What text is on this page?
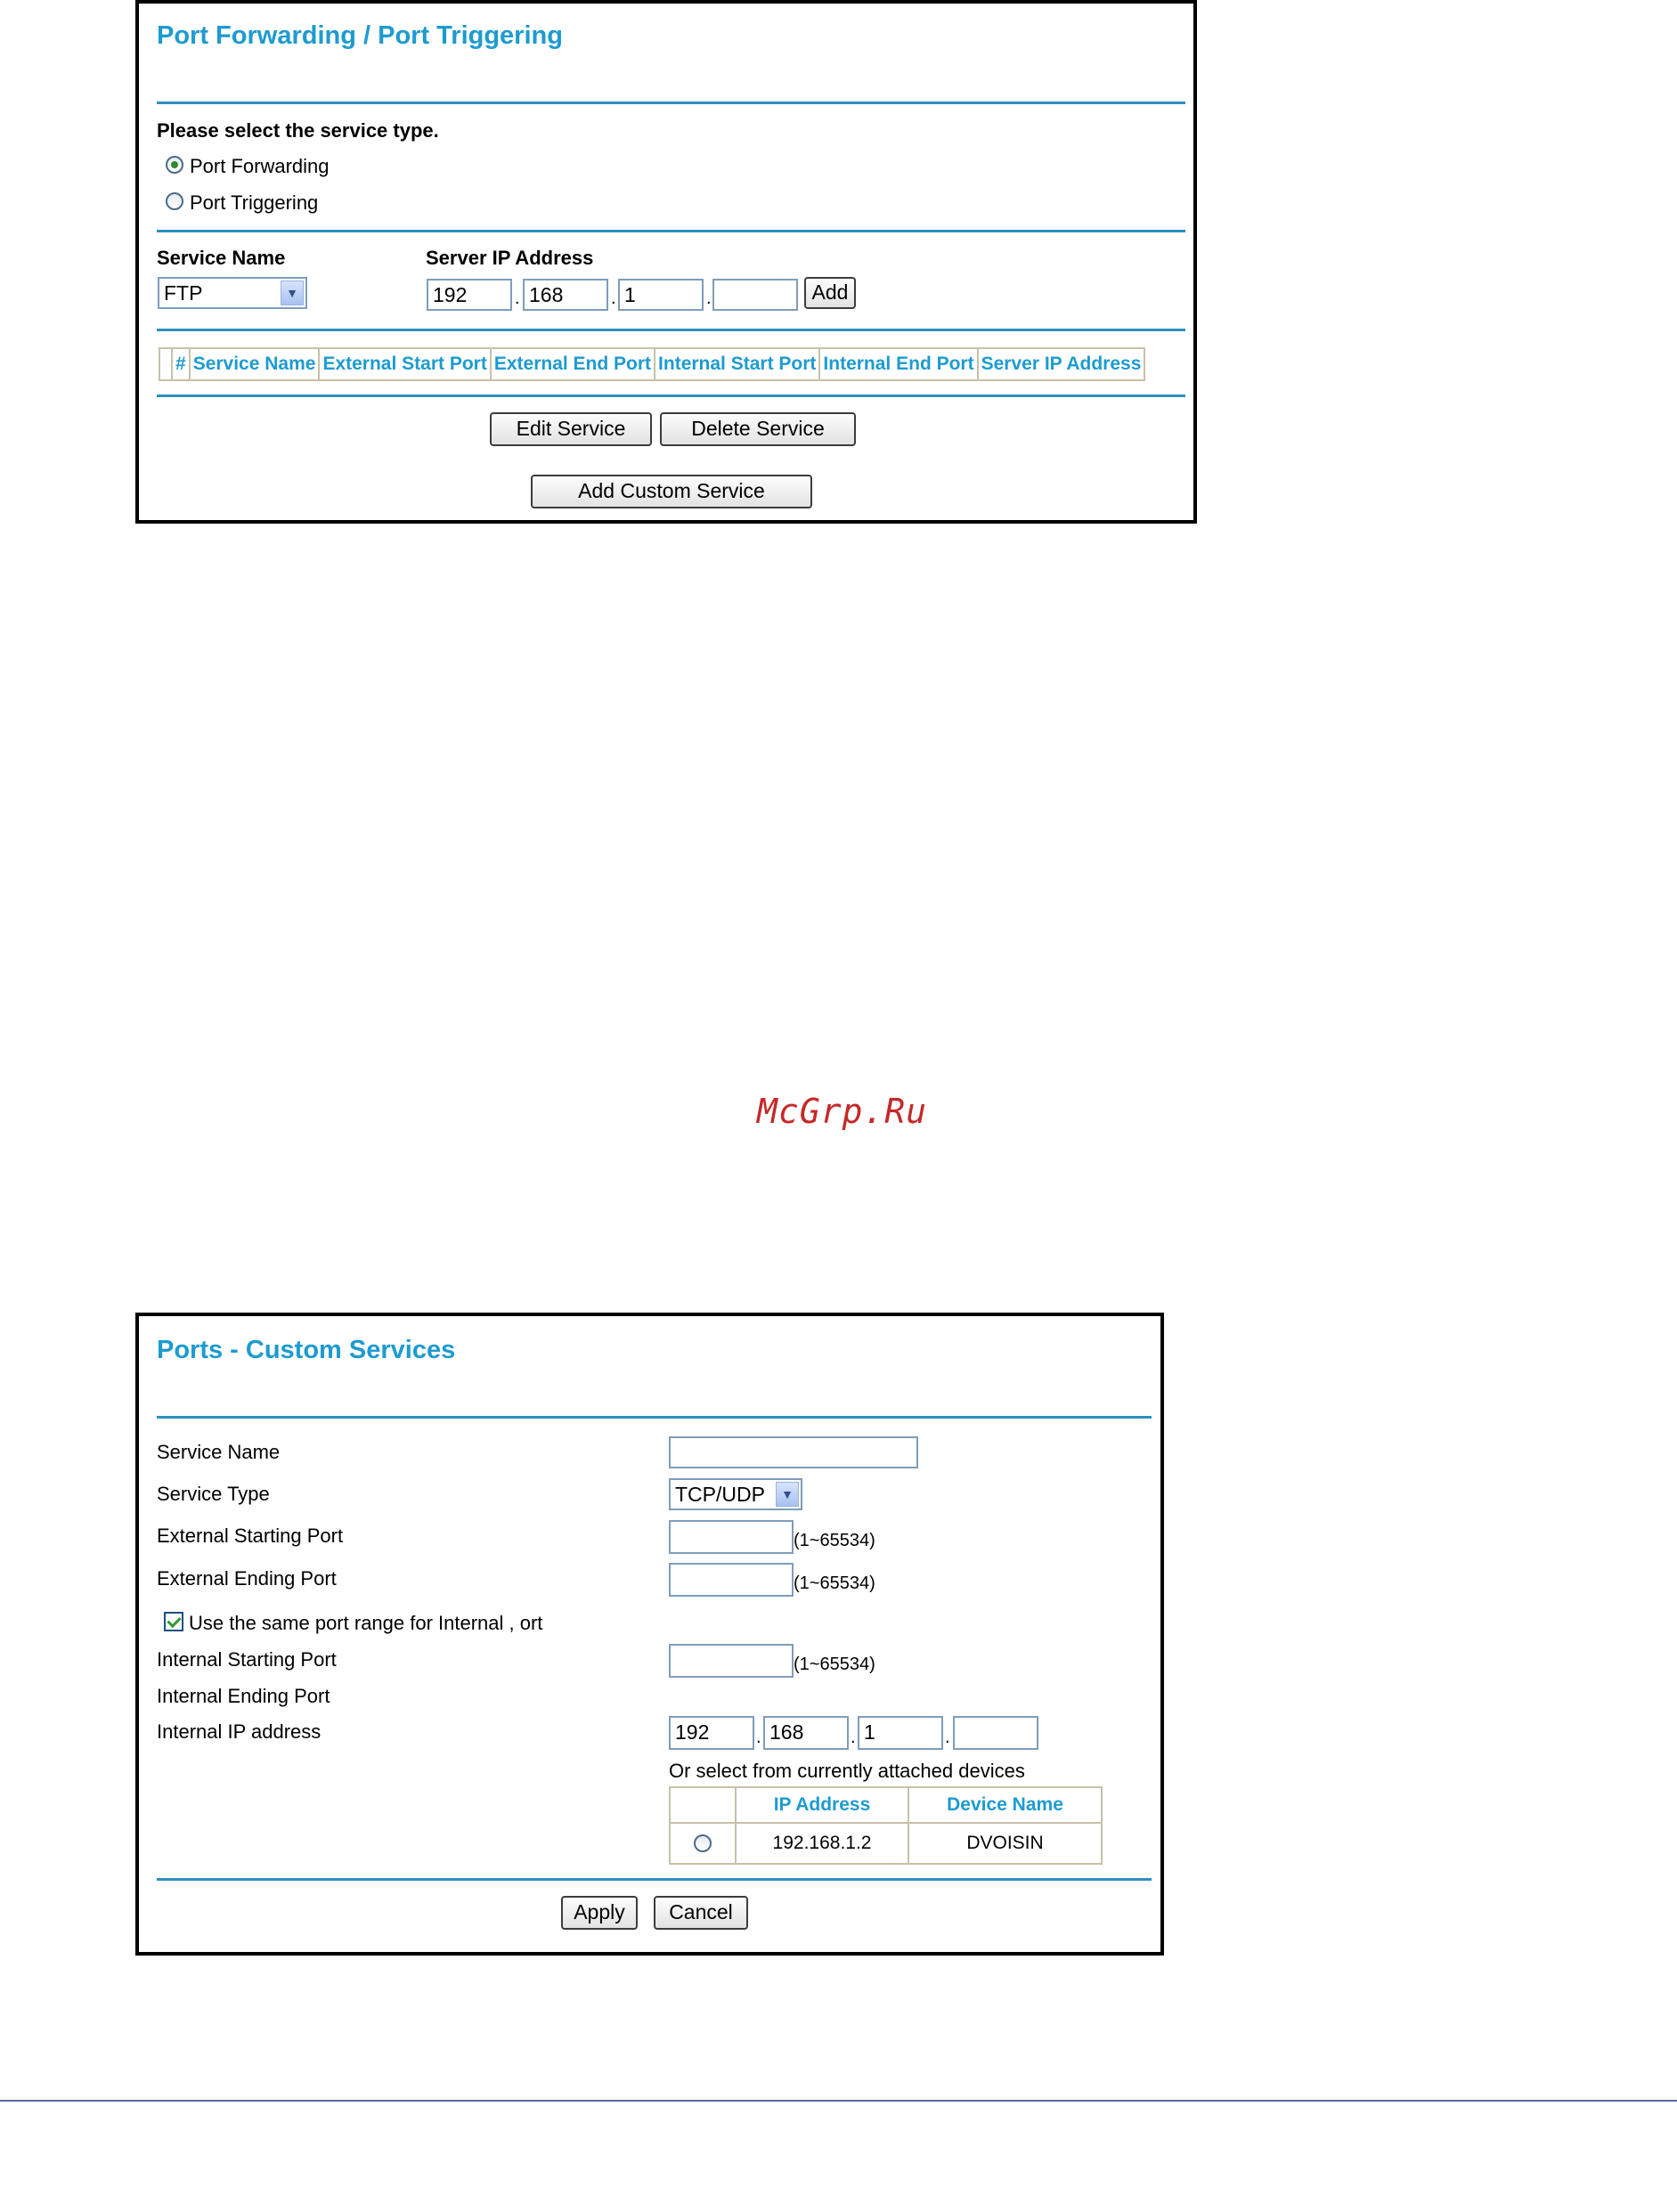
Port Forwarding / Port Triggering
Please select the service type.
Port Forwarding
Port Triggering
Service Name	Server IP Address
FTP	▼	192	. 168	. 1	.	Add
	#	Service Name	External Start Port	External End Port	Internal Start Port	Internal End Port	Server IP Address
Edit Service	Delete Service
Add Custom Service
McGrp.Ru
Ports - Custom Services
Service Name
Service Type	TCP/UDP	▼
External Starting Port	(1~65534)
External Ending Port	(1~65534)
Use the same port range for Internal , ort
Internal Starting Port	(1~65534)
Internal Ending Port
Internal IP address	192	. 168	. 1	.
Or select from currently attached devices
	IP Address	Device Name
	192.168.1.2	DVOISIN
Apply	Cancel
